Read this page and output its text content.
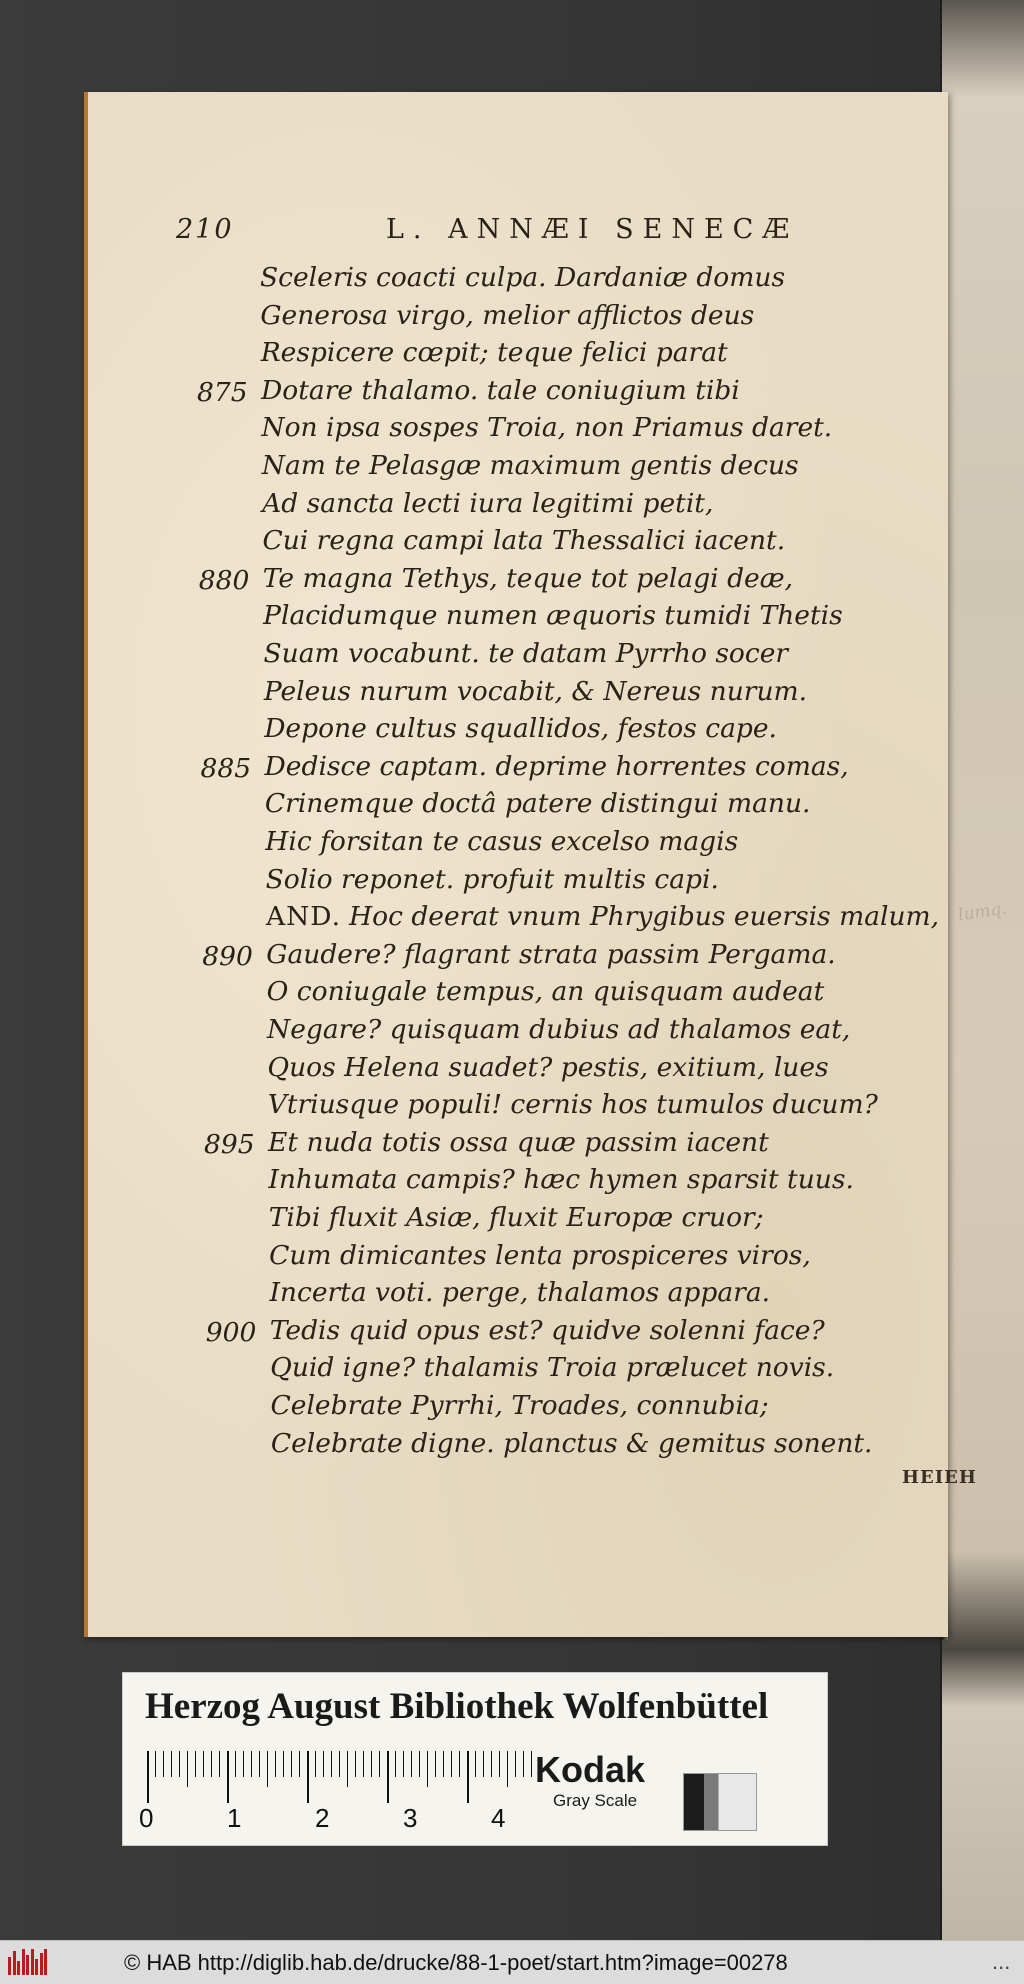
210	L. ANNÆI SENECÆ
Sceleris coacti culpa. Dardaniæ domus
Generosa virgo, melior afflictos deus
Respicere cœpit; teque felici parat
875 Dotare thalamo. tale coniugium tibi
Non ipsa sospes Troia, non Priamus daret.
Nam te Pelasgæ maximum gentis decus
Ad sancta lecti iura legitimi petit,
Cui regna campi lata Thessalici iacent.
880 Te magna Tethys, teque tot pelagi deæ,
Placidumque numen æquoris tumidi Thetis
Suam vocabunt. te datam Pyrrho socer
Peleus nurum vocabit, & Nereus nurum.
Depone cultus squallidos, festos cape.
885 Dedisce captam. deprime horrentes comas,
Crinemque doctâ patere distingui manu.
Hic forsitan te casus excelso magis
Solio reponet. profuit multis capi.
AND. Hoc deerat vnum Phrygibus euersis malum,
890 Gaudere? flagrant strata passim Pergama.
O coniugale tempus, an quisquam audeat
Negare? quisquam dubius ad thalamos eat,
Quos Helena suadet? pestis, exitium, lues
Vtriusque populi! cernis hos tumulos ducum?
895 Et nuda totis ossa quæ passim iacent
Inhumata campis? hæc hymen sparsit tuus.
Tibi fluxit Asiæ, fluxit Europæ cruor;
Cum dimicantes lenta prospiceres viros,
Incerta voti. perge, thalamos appara.
900 Tedis quid opus est? quidve solenni face?
Quid igne? thalamis Troia prælucet novis.
Celebrate Pyrrhi, Troades, connubia;
Celebrate digne. planctus & gemitus sonent.
lumq.
HEIEH
Herzog August Bibliothek Wolfenbüttel
0	1	2	3	4
Kodak
Gray Scale
© HAB http://diglib.hab.de/drucke/88-1-poet/start.htm?image=00278	...
